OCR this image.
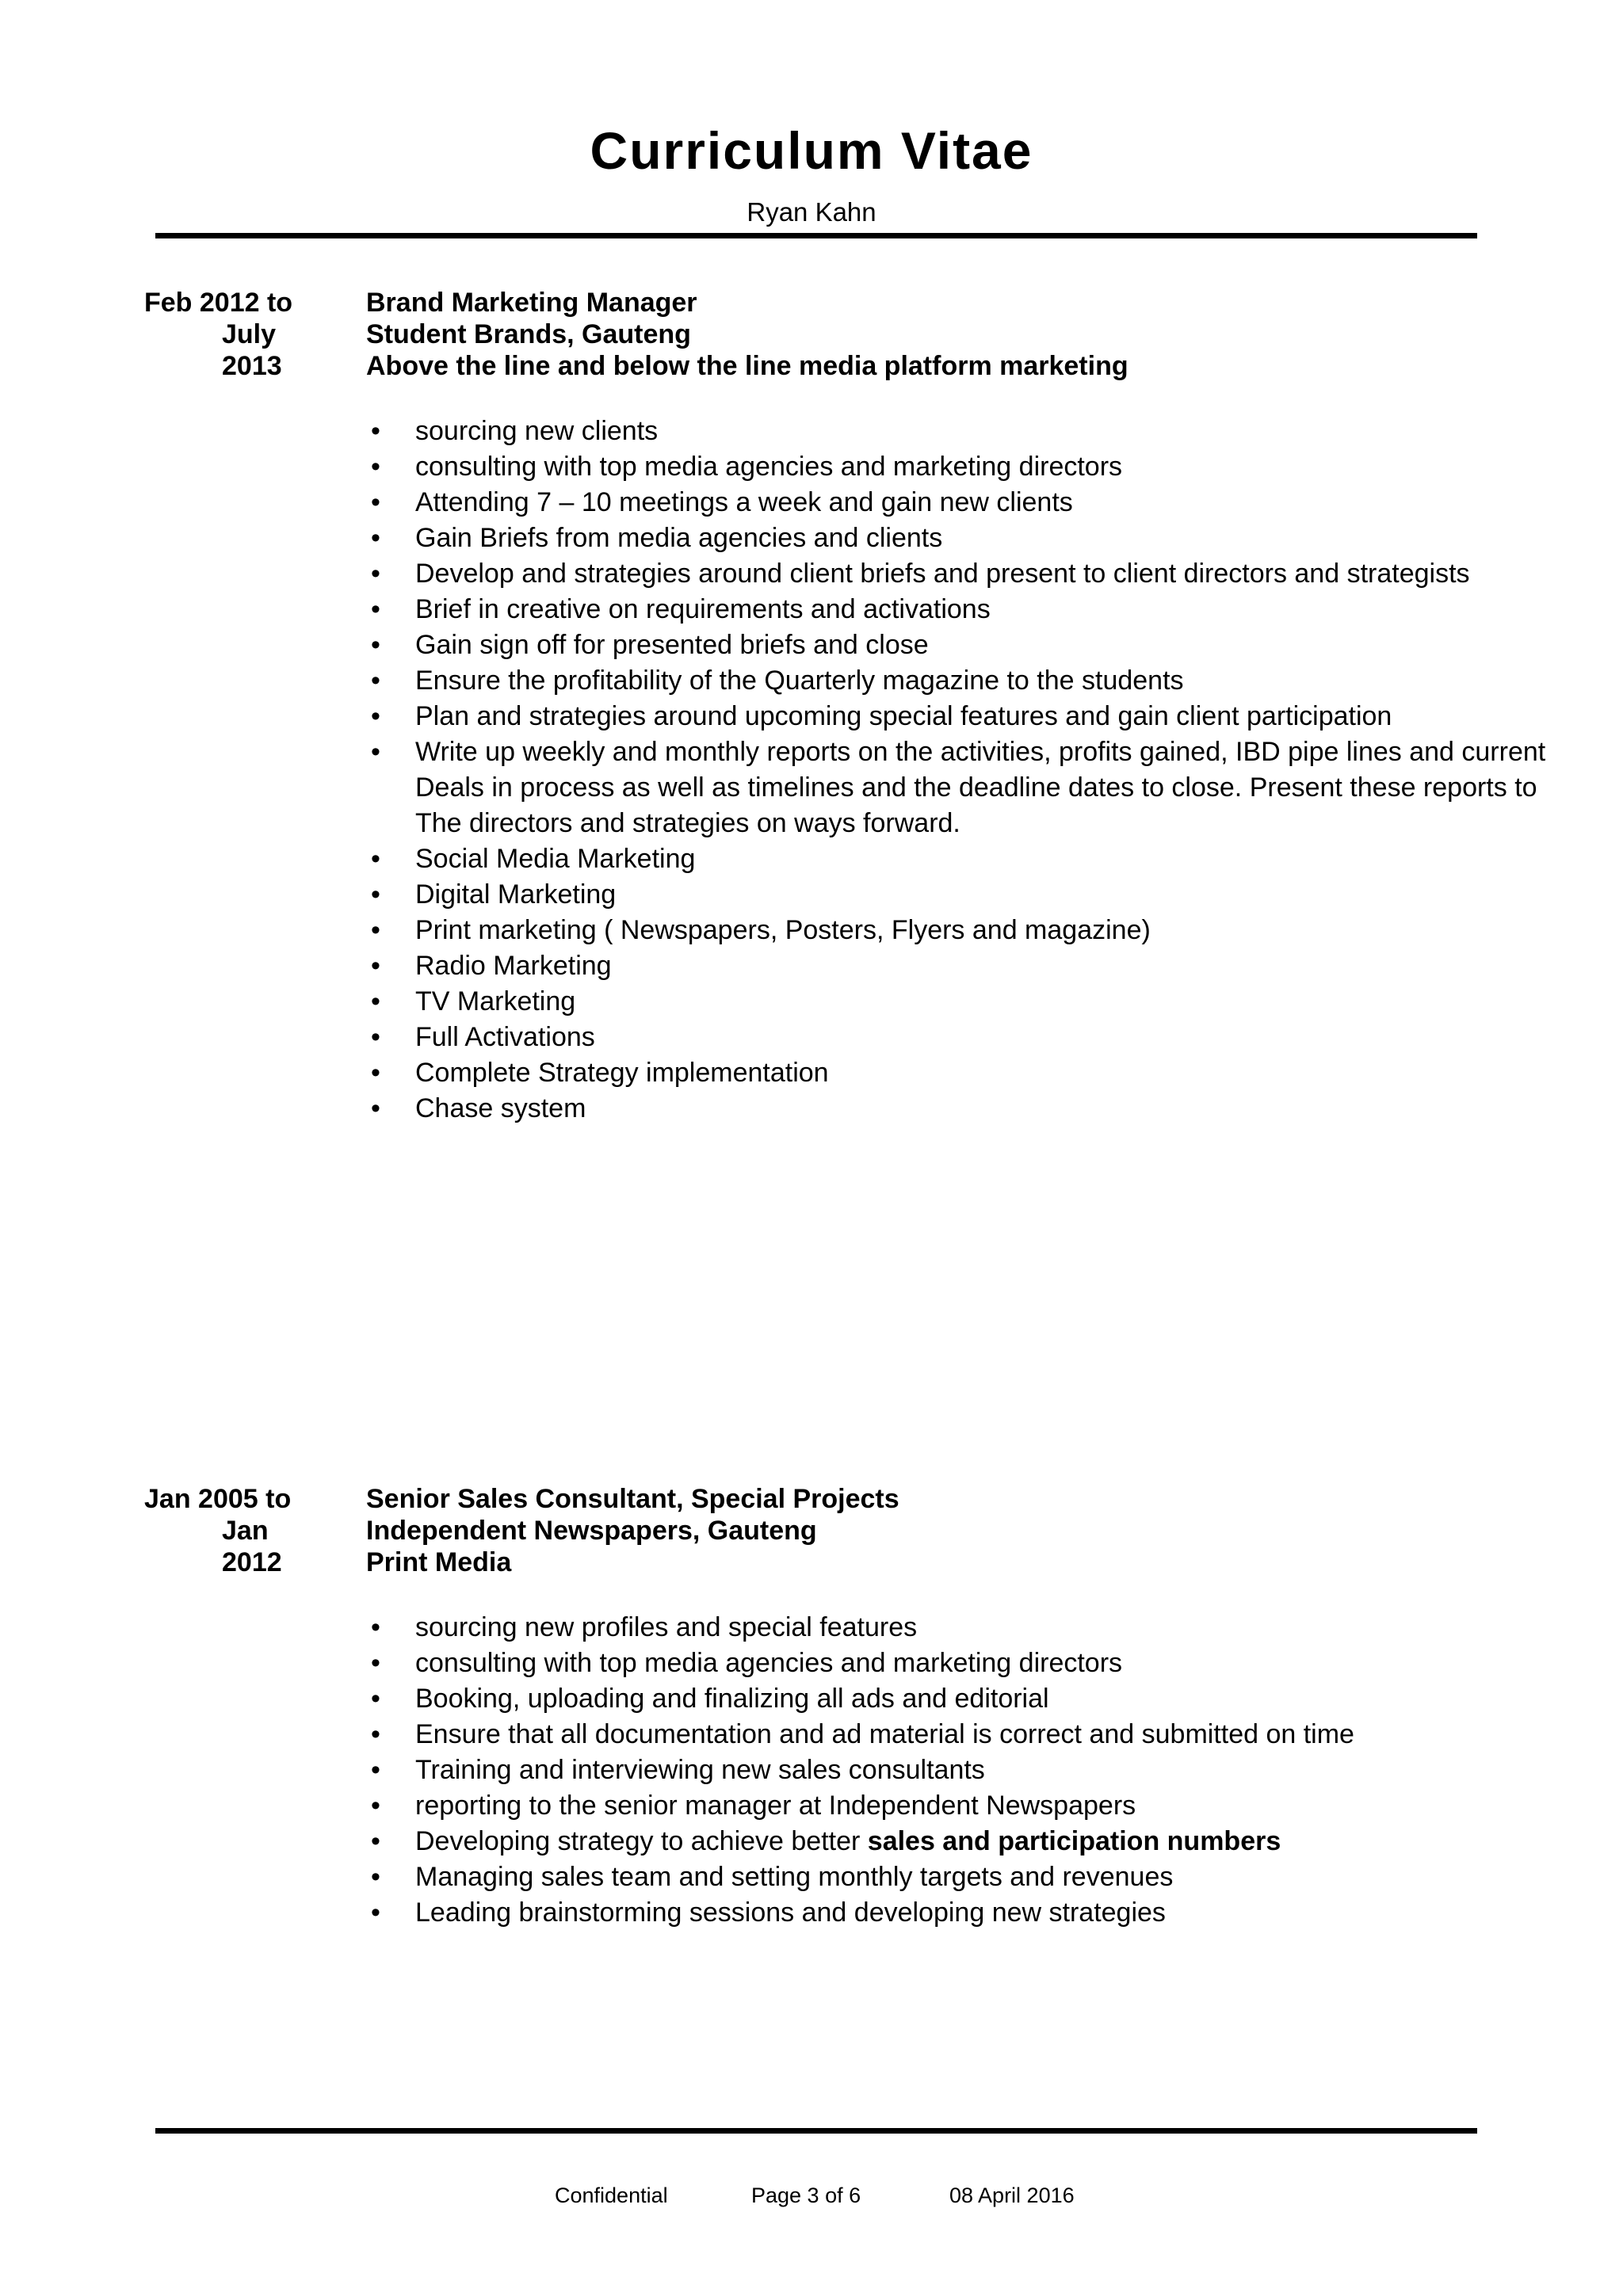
Curriculum Vitae
Ryan Kahn
Feb 2012 to
July
2013
Brand Marketing Manager
Student Brands, Gauteng
Above the line and below the line media platform marketing
• sourcing new clients
• consulting with top media agencies and marketing directors
• Attending 7 – 10 meetings a week and gain new clients
• Gain Briefs from media agencies and clients
• Develop and strategies around client briefs and present to client directors and strategists
• Brief in creative on requirements and activations
• Gain sign off for presented briefs and close
• Ensure the profitability of the Quarterly magazine to the students
• Plan and strategies around upcoming special features and gain client participation
• Write up weekly and monthly reports on the activities, profits gained, IBD pipe lines and current Deals in process as well as timelines and the deadline dates to close. Present these reports to The directors and strategies on ways forward.
• Social Media Marketing
• Digital Marketing
• Print marketing ( Newspapers, Posters, Flyers and magazine)
• Radio Marketing
• TV Marketing
• Full Activations
• Complete Strategy implementation
• Chase system
Jan 2005 to
Jan
2012
Senior Sales Consultant, Special Projects
Independent Newspapers, Gauteng
Print Media
• sourcing new profiles and special features
• consulting with top media agencies and marketing directors
• Booking, uploading and finalizing all ads and editorial
• Ensure that all documentation and ad material is correct and submitted on time
• Training and interviewing new sales consultants
• reporting to the senior manager at Independent Newspapers
• Developing strategy to achieve better sales and participation numbers
• Managing sales team and setting monthly targets and revenues
• Leading brainstorming sessions and developing new strategies
Confidential	Page 3 of 6	08 April 2016
